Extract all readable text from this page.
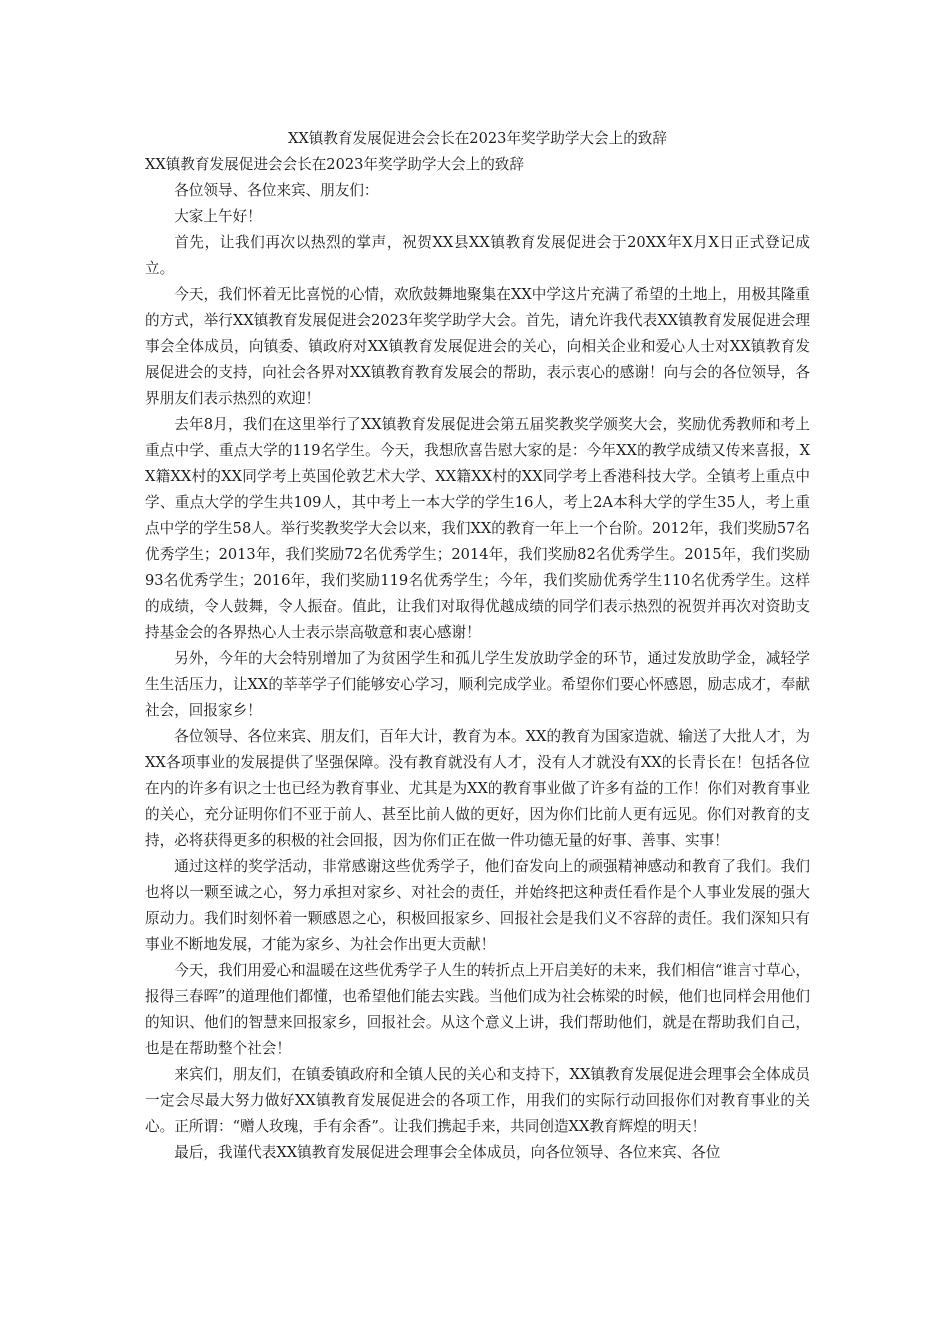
XX镇教育发展促进会会长在2023年奖学助学大会上的致辞

XX镇教育发展促进会会长在2023年奖学助学大会上的致辞

各位领导、各位来宾、朋友们：

大家上午好！

首先，让我们再次以热烈的掌声，祝贺XX县XX镇教育发展促进会于20XX年X月X日正式登记成立。

今天，我们怀着无比喜悦的心情，欢欣鼓舞地聚集在XX中学这片充满了希望的土地上，用极其隆重的方式，举行XX镇教育发展促进会2023年奖学助学大会。首先，请允许我代表XX镇教育发展促进会理事会全体成员，向镇委、镇政府对XX镇教育发展促进会的关心，向相关企业和爱心人士对XX镇教育发展促进会的支持，向社会各界对XX镇教育教育发展会的帮助，表示衷心的感谢！向与会的各位领导，各界朋友们表示热烈的欢迎！

去年8月，我们在这里举行了XX镇教育发展促进会第五届奖教奖学颁奖大会，奖励优秀教师和考上重点中学、重点大学的119名学生。今天，我想欣喜告慰大家的是：今年XX的教学成绩又传来喜报，XX籍XX村的XX同学考上英国伦敦艺术大学、XX籍XX村的XX同学考上香港科技大学。全镇考上重点中学、重点大学的学生共109人，其中考上一本大学的学生16人，考上2A本科大学的学生35人，考上重点中学的学生58人。举行奖教奖学大会以来，我们XX的教育一年上一个台阶。2012年，我们奖励57名优秀学生；2013年，我们奖励72名优秀学生；2014年，我们奖励82名优秀学生。2015年，我们奖励93名优秀学生；2016年，我们奖励119名优秀学生；今年，我们奖励优秀学生110名优秀学生。这样的成绩，令人鼓舞，令人振奋。值此，让我们对取得优越成绩的同学们表示热烈的祝贺并再次对资助支持基金会的各界热心人士表示崇高敬意和衷心感谢！

另外，今年的大会特别增加了为贫困学生和孤儿学生发放助学金的环节，通过发放助学金，减轻学生生活压力，让XX的莘莘学子们能够安心学习，顺利完成学业。希望你们要心怀感恩，励志成才，奉献社会，回报家乡！

各位领导、各位来宾、朋友们，百年大计，教育为本。XX的教育为国家造就、输送了大批人才，为XX各项事业的发展提供了坚强保障。没有教育就没有人才，没有人才就没有XX的长青长在！包括各位在内的许多有识之士也已经为教育事业、尤其是为XX的教育事业做了许多有益的工作！你们对教育事业的关心，充分证明你们不亚于前人、甚至比前人做的更好，因为你们比前人更有远见。你们对教育的支持，必将获得更多的积极的社会回报，因为你们正在做一件功德无量的好事、善事、实事！

通过这样的奖学活动，非常感谢这些优秀学子，他们奋发向上的顽强精神感动和教育了我们。我们也将以一颗至诚之心，努力承担对家乡、对社会的责任，并始终把这种责任看作是个人事业发展的强大原动力。我们时刻怀着一颗感恩之心，积极回报家乡、回报社会是我们义不容辞的责任。我们深知只有事业不断地发展，才能为家乡、为社会作出更大贡献！

今天，我们用爱心和温暖在这些优秀学子人生的转折点上开启美好的未来，我们相信“谁言寸草心，报得三春晖”的道理他们都懂，也希望他们能去实践。当他们成为社会栋梁的时候，他们也同样会用他们的知识、他们的智慧来回报家乡，回报社会。从这个意义上讲，我们帮助他们，就是在帮助我们自己，也是在帮助整个社会！

来宾们，朋友们，在镇委镇政府和全镇人民的关心和支持下，XX镇教育发展促进会理事会全体成员一定会尽最大努力做好XX镇教育发展促进会的各项工作，用我们的实际行动回报你们对教育事业的关心。正所谓：“赠人玫瑰，手有余香”。让我们携起手来，共同创造XX教育辉煌的明天！

最后，我谨代表XX镇教育发展促进会理事会全体成员，向各位领导、各位来宾、各位
